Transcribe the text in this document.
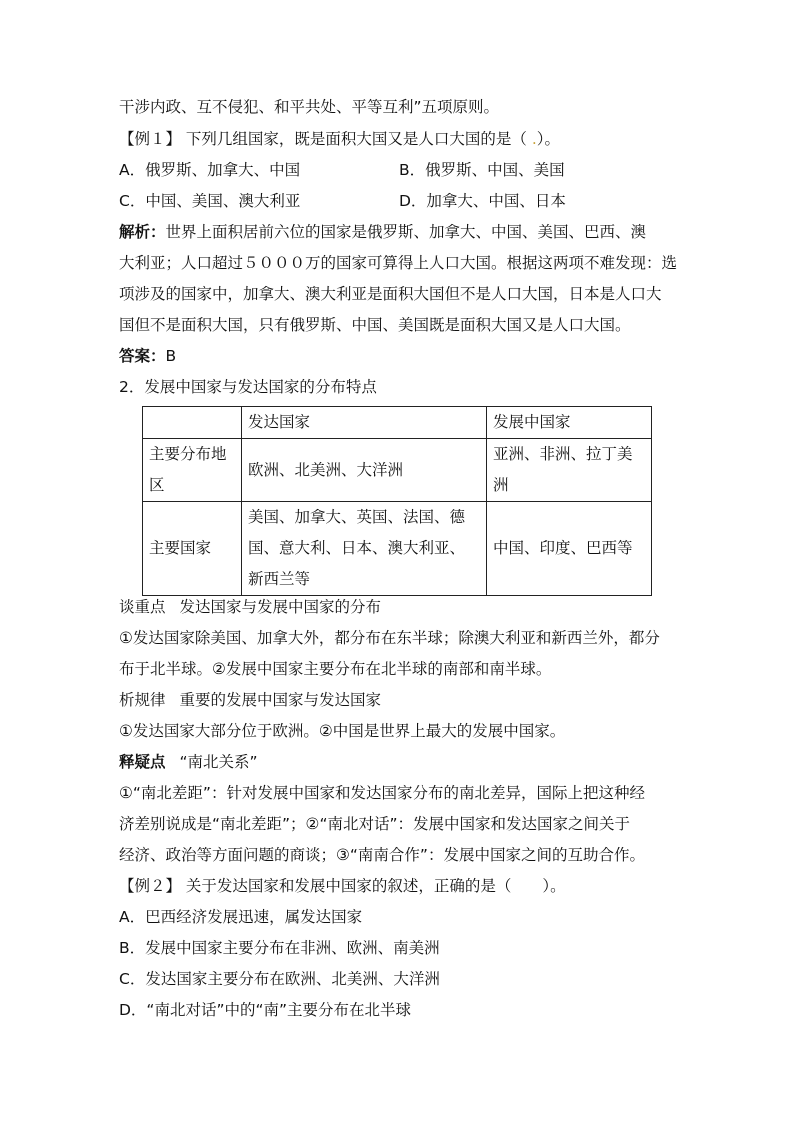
干涉内政、互不侵犯、和平共处、平等互利”五项原则。
【例１】 下列几组国家，既是面积大国又是人口大国的是（ .）。
A．俄罗斯、加拿大、中国	B．俄罗斯、中国、美国
C．中国、美国、澳大利亚	D．加拿大、中国、日本
解析：世界上面积居前六位的国家是俄罗斯、加拿大、中国、美国、巴西、澳
大利亚；人口超过５０００万的国家可算得上人口大国。根据这两项不难发现：选
项涉及的国家中，加拿大、澳大利亚是面积大国但不是人口大国，日本是人口大
国但不是面积大国，只有俄罗斯、中国、美国既是面积大国又是人口大国。
答案：B
2．发展中国家与发达国家的分布特点
	发达国家	发展中国家

主要分布地
区	欧洲、北美洲、大洋洲	亚洲、非洲、拉丁美洲
主要国家	美国、加拿大、英国、法国、德
国、意大利、日本、澳大利亚、
新西兰等	中国、印度、巴西等
谈重点 发达国家与发展中国家的分布
①发达国家除美国、加拿大外，都分布在东半球；除澳大利亚和新西兰外，都分
布于北半球。②发展中国家主要分布在北半球的南部和南半球。
析规律 重要的发展中国家与发达国家
①发达国家大部分位于欧洲。②中国是世界上最大的发展中国家。
释疑点 “南北关系”
①“南北差距”：针对发展中国家和发达国家分布的南北差异，国际上把这种经
济差别说成是“南北差距”；②“南北对话”：发展中国家和发达国家之间关于
经济、政治等方面问题的商谈；③“南南合作”：发展中国家之间的互助合作。
【例２】 关于发达国家和发展中国家的叙述，正确的是（　　）。
A．巴西经济发展迅速，属发达国家
B．发展中国家主要分布在非洲、欧洲、南美洲
C．发达国家主要分布在欧洲、北美洲、大洋洲
D．“南北对话”中的“南”主要分布在北半球
